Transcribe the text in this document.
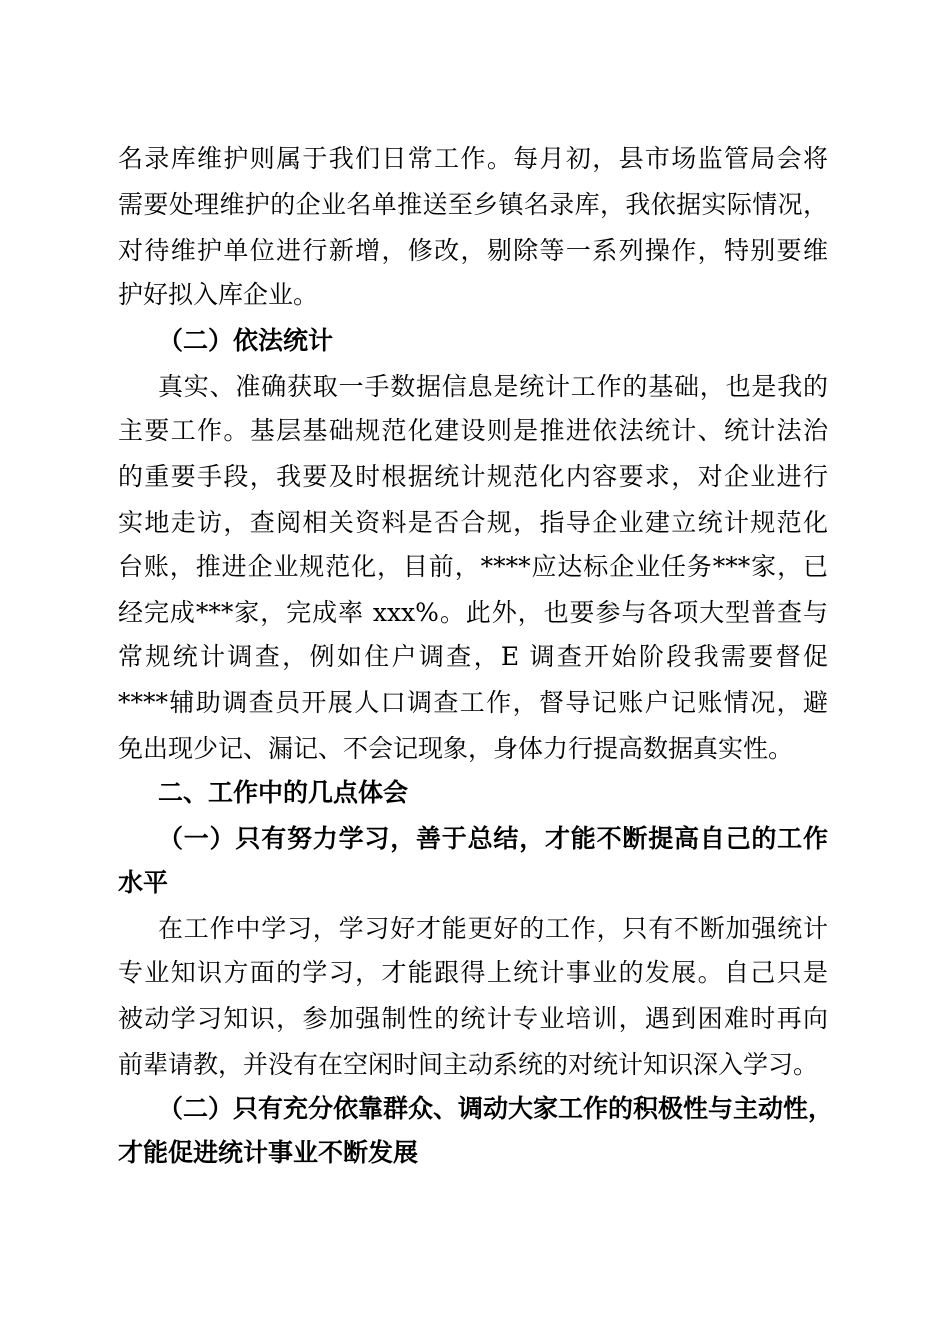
名录库维护则属于我们日常工作。每月初，县市场监管局会将
需要处理维护的企业名单推送至乡镇名录库，我依据实际情况，
对待维护单位进行新增，修改，剔除等一系列操作，特别要维
护好拟入库企业。
（二）依法统计
真实、准确获取一手数据信息是统计工作的基础，也是我的
主要工作。基层基础规范化建设则是推进依法统计、统计法治
的重要手段，我要及时根据统计规范化内容要求，对企业进行
实地走访，查阅相关资料是否合规，指导企业建立统计规范化
台账，推进企业规范化，目前，****应达标企业任务***家，已
经完成***家，完成率 xxx%。此外，也要参与各项大型普查与
常规统计调查，例如住户调查，E 调查开始阶段我需要督促
****辅助调查员开展人口调查工作，督导记账户记账情况，避
免出现少记、漏记、不会记现象，身体力行提高数据真实性。
二、工作中的几点体会
（一）只有努力学习，善于总结，才能不断提高自己的工作
水平
在工作中学习，学习好才能更好的工作，只有不断加强统计
专业知识方面的学习，才能跟得上统计事业的发展。自己只是
被动学习知识，参加强制性的统计专业培训，遇到困难时再向
前辈请教，并没有在空闲时间主动系统的对统计知识深入学习。
（二）只有充分依靠群众、调动大家工作的积极性与主动性，
才能促进统计事业不断发展
